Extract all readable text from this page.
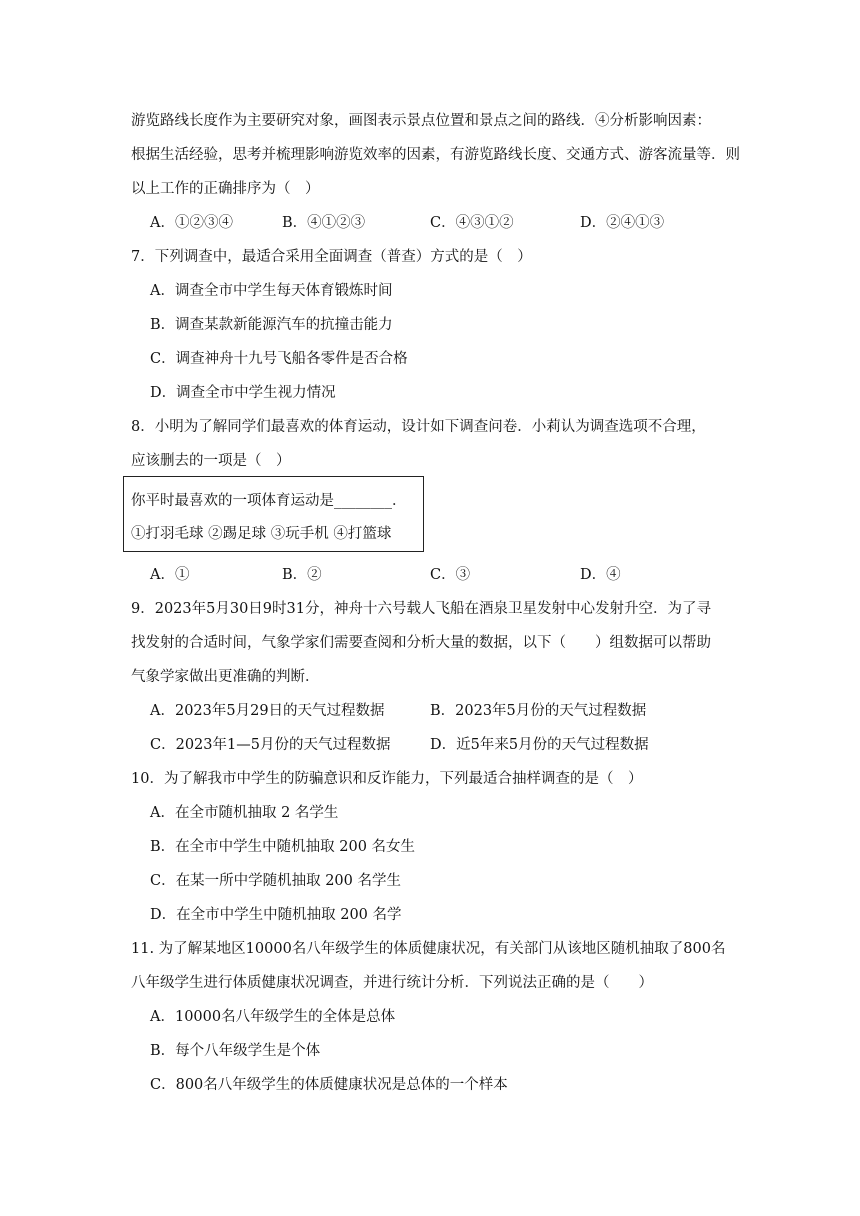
游览路线长度作为主要研究对象，画图表示景点位置和景点之间的路线．④分析影响因素：
根据生活经验，思考并梳理影响游览效率的因素，有游览路线长度、交通方式、游客流量等．则
以上工作的正确排序为（　）
A．①②③④	B．④①②③	C．④③①②	D．②④①③
7．下列调查中，最适合采用全面调查（普查）方式的是（　）
A．调查全市中学生每天体育锻炼时间
B．调查某款新能源汽车的抗撞击能力
C．调查神舟十九号飞船各零件是否合格
D．调查全市中学生视力情况
8．小明为了解同学们最喜欢的体育运动，设计如下调查问卷．小莉认为调查选项不合理，
应该删去的一项是（　）
你平时最喜欢的一项体育运动是________．
①打羽毛球 ②踢足球 ③玩手机 ④打篮球
A．①	B．②	C．③	D．④
9．2023年5月30日9时31分，神舟十六号载人飞船在酒泉卫星发射中心发射升空．为了寻
找发射的合适时间，气象学家们需要查阅和分析大量的数据，以下（　　）组数据可以帮助
气象学家做出更准确的判断．
A．2023年5月29日的天气过程数据	B．2023年5月份的天气过程数据
C．2023年1—5月份的天气过程数据	D．近5年来5月份的天气过程数据
10．为了解我市中学生的防骗意识和反诈能力，下列最适合抽样调查的是（　）
A．在全市随机抽取 2 名学生
B．在全市中学生中随机抽取 200 名女生
C．在某一所中学随机抽取 200 名学生
D．在全市中学生中随机抽取 200 名学
11. 为了解某地区10000名八年级学生的体质健康状况，有关部门从该地区随机抽取了800名
八年级学生进行体质健康状况调查，并进行统计分析．下列说法正确的是（　　）
A．10000名八年级学生的全体是总体
B．每个八年级学生是个体
C．800名八年级学生的体质健康状况是总体的一个样本
